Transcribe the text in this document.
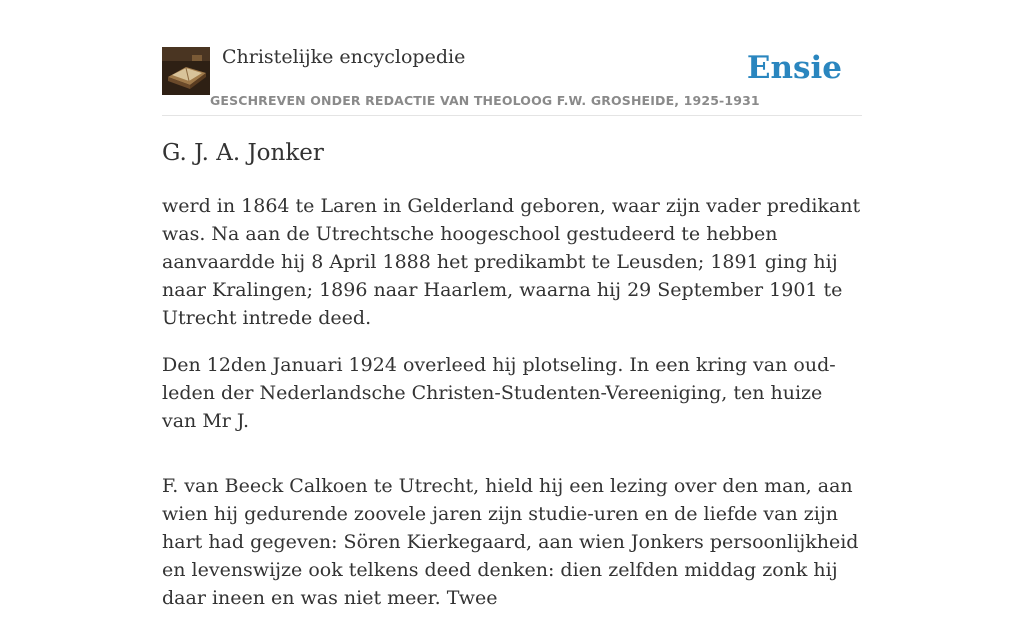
Christelijke encyclopedie
GESCHREVEN ONDER REDACTIE VAN THEOLOOG F.W. GROSHEIDE, 1925-1931
Ensie
G. J. A. Jonker

werd in 1864 te Laren in Gelderland geboren, waar zijn vader predikant was. Na aan de Utrechtsche hoogeschool gestudeerd te hebben aanvaardde hij 8 April 1888 het predikambt te Leusden; 1891 ging hij naar Kralingen; 1896 naar Haarlem, waarna hij 29 September 1901 te Utrecht intrede deed.

Den 12den Januari 1924 overleed hij plotseling. In een kring van oud-leden der Nederlandsche Christen-Studenten-Vereeniging, ten huize van Mr J.

F. van Beeck Calkoen te Utrecht, hield hij een lezing over den man, aan wien hij gedurende zoovele jaren zijn studie-uren en de liefde van zijn hart had gegeven: Sören Kierkegaard, aan wien Jonkers persoonlijkheid en levenswijze ook telkens deed denken: dien zelfden middag zonk hij daar ineen en was niet meer. Twee
